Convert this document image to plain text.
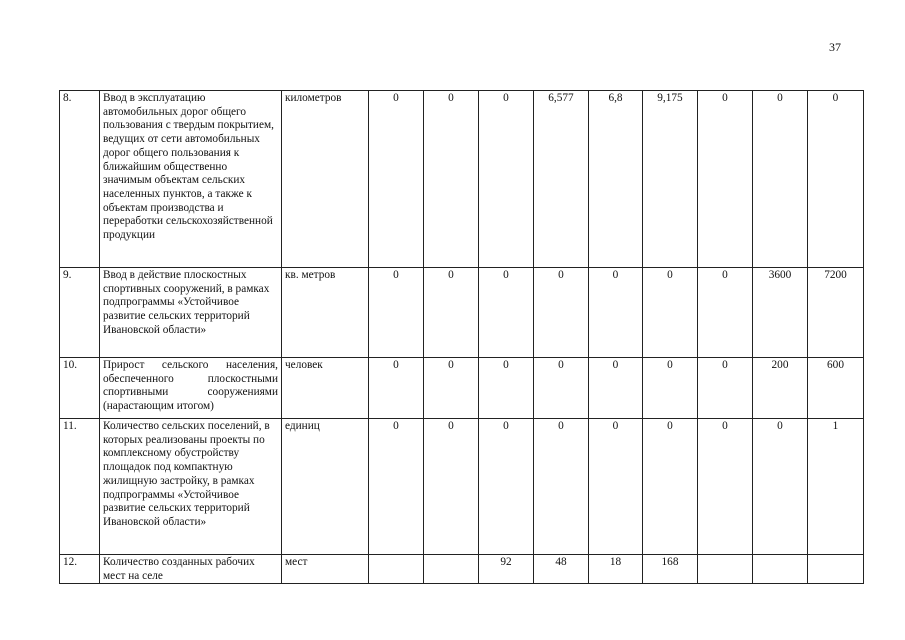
37
8.	Ввод в эксплуатацию автомобильных дорог общего пользования с твердым покрытием, ведущих от сети автомобильных дорог общего пользования к ближайшим общественно значимым объектам сельских населенных пунктов, а также к объектам производства и переработки сельскохозяйственной продукции	километров	0	0	0	6,577	6,8	9,175	0	0	0
9.	Ввод в действие плоскостных спортивных сооружений, в рамках подпрограммы «Устойчивое развитие сельских территорий Ивановской области»	кв. метров	0	0	0	0	0	0	0	3600	7200
10.	Прирост сельского населения, обеспеченного плоскостными спортивными сооружениями (нарастающим итогом)	человек	0	0	0	0	0	0	0	200	600
11.	Количество сельских поселений, в которых реализованы проекты по комплексному обустройству площадок под компактную жилищную застройку, в рамках подпрограммы «Устойчивое развитие сельских территорий Ивановской области»	единиц	0	0	0	0	0	0	0	0	1
12.	Количество созданных рабочих мест на селе	мест			92	48	18	168			
